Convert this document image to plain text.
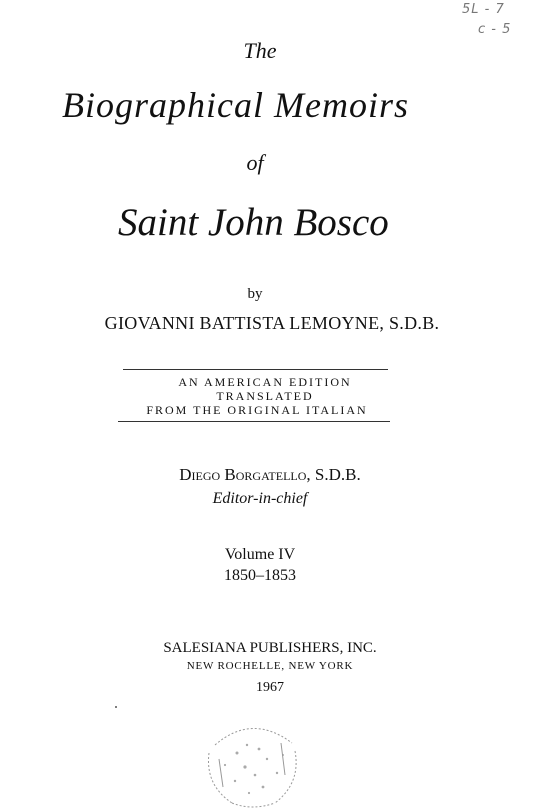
5L - 7
c - 5
The
Biographical Memoirs
of
Saint John Bosco
by
GIOVANNI BATTISTA LEMOYNE, S.D.B.
AN AMERICAN EDITION
TRANSLATED
FROM THE ORIGINAL ITALIAN
Diego Borgatello, S.D.B.
Editor-in-chief
Volume IV
1850–1853
SALESIANA PUBLISHERS, INC.
NEW ROCHELLE, NEW YORK
1967
